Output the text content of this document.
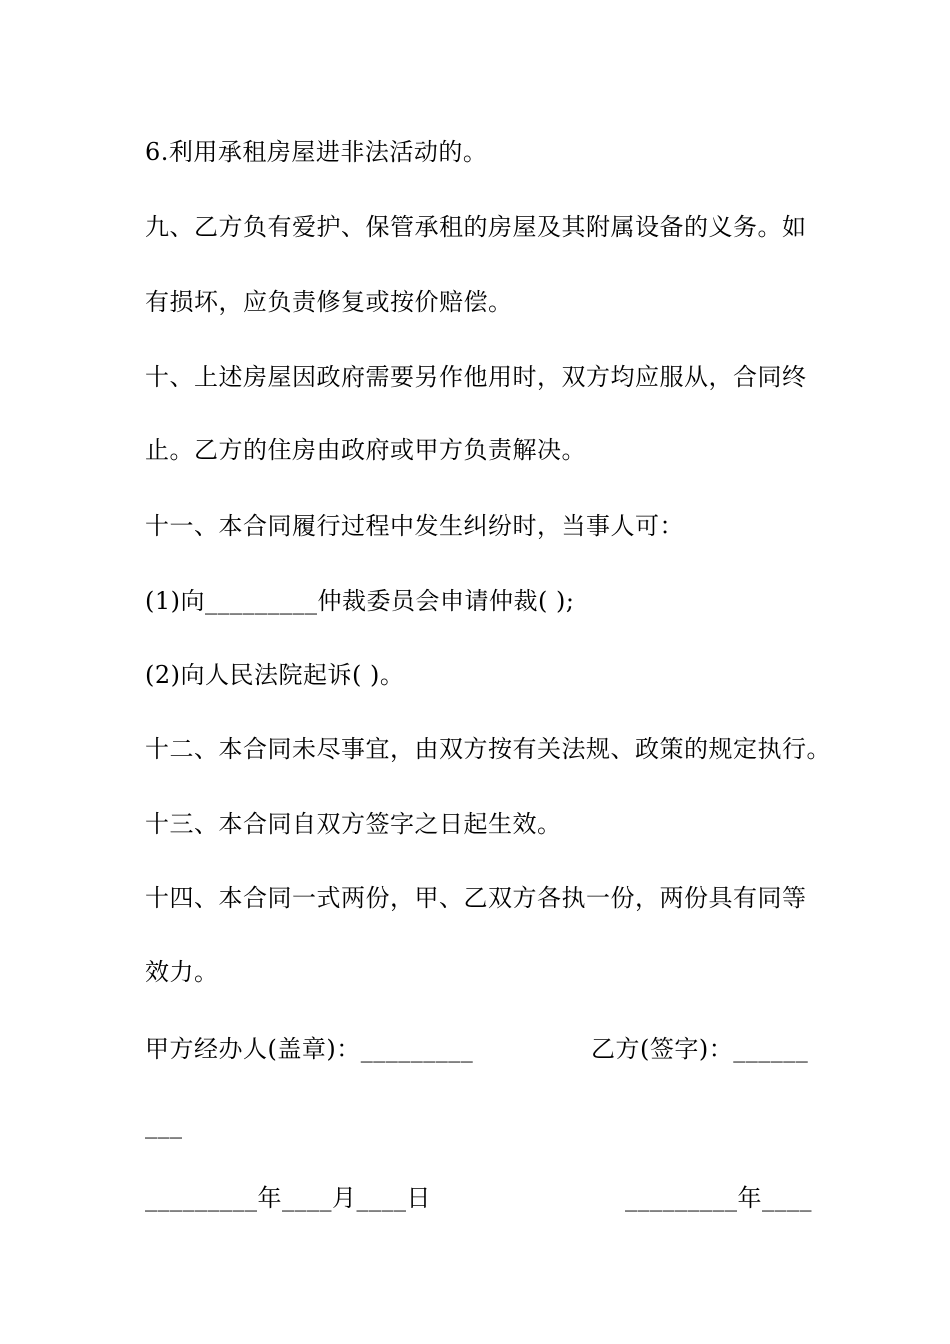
6.利用承租房屋进非法活动的。
九、乙方负有爱护、保管承租的房屋及其附属设备的义务。如
有损坏，应负责修复或按价赔偿。
十、上述房屋因政府需要另作他用时，双方均应服从，合同终
止。乙方的住房由政府或甲方负责解决。
十一、本合同履行过程中发生纠纷时，当事人可：
(1)向_________仲裁委员会申请仲裁( );
(2)向人民法院起诉( )。
十二、本合同未尽事宜，由双方按有关法规、政策的规定执行。
十三、本合同自双方签字之日起生效。
十四、本合同一式两份，甲、乙双方各执一份，两份具有同等
效力。
甲方经办人(盖章)：_________	乙方(签字)：______
___
_________年____月____日	_________年____
